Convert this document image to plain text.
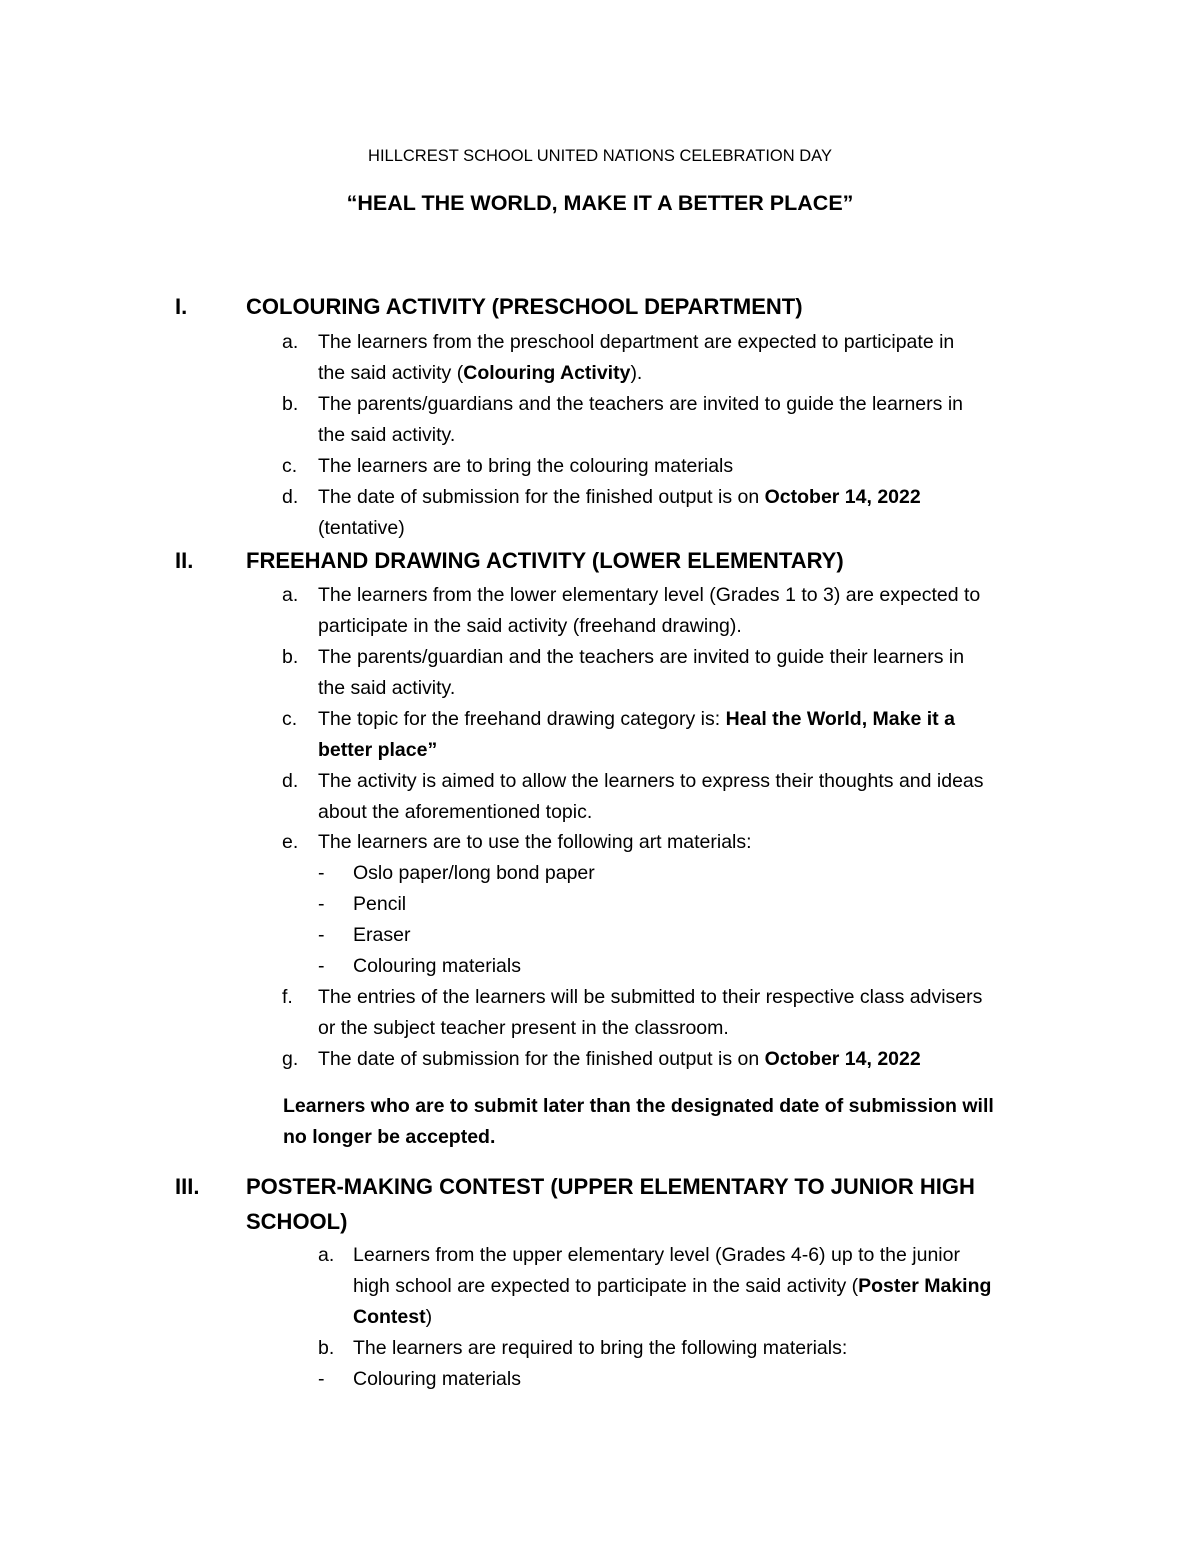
HILLCREST SCHOOL UNITED NATIONS CELEBRATION DAY
“HEAL THE WORLD, MAKE IT A BETTER PLACE”
I.	COLOURING ACTIVITY (PRESCHOOL DEPARTMENT)
a. The learners from the preschool department are expected to participate in
the said activity (Colouring Activity).
b. The parents/guardians and the teachers are invited to guide the learners in
the said activity.
c. The learners are to bring the colouring materials
d. The date of submission for the finished output is on October 14, 2022
(tentative)
II. FREEHAND DRAWING ACTIVITY (LOWER ELEMENTARY)
a. The learners from the lower elementary level (Grades 1 to 3) are expected to
participate in the said activity (freehand drawing).
b. The parents/guardian and the teachers are invited to guide their learners in
the said activity.
c. The topic for the freehand drawing category is: Heal the World, Make it a
better place”
d. The activity is aimed to allow the learners to express their thoughts and ideas
about the aforementioned topic.
e. The learners are to use the following art materials:
- Oslo paper/long bond paper
- Pencil
- Eraser
- Colouring materials
f. The entries of the learners will be submitted to their respective class advisers
or the subject teacher present in the classroom.
g. The date of submission for the finished output is on October 14, 2022
Learners who are to submit later than the designated date of submission will
no longer be accepted.
III. POSTER-MAKING CONTEST (UPPER ELEMENTARY TO JUNIOR HIGH
SCHOOL)
a. Learners from the upper elementary level (Grades 4-6) up to the junior
high school are expected to participate in the said activity (Poster Making
Contest)
b. The learners are required to bring the following materials:
- Colouring materials
